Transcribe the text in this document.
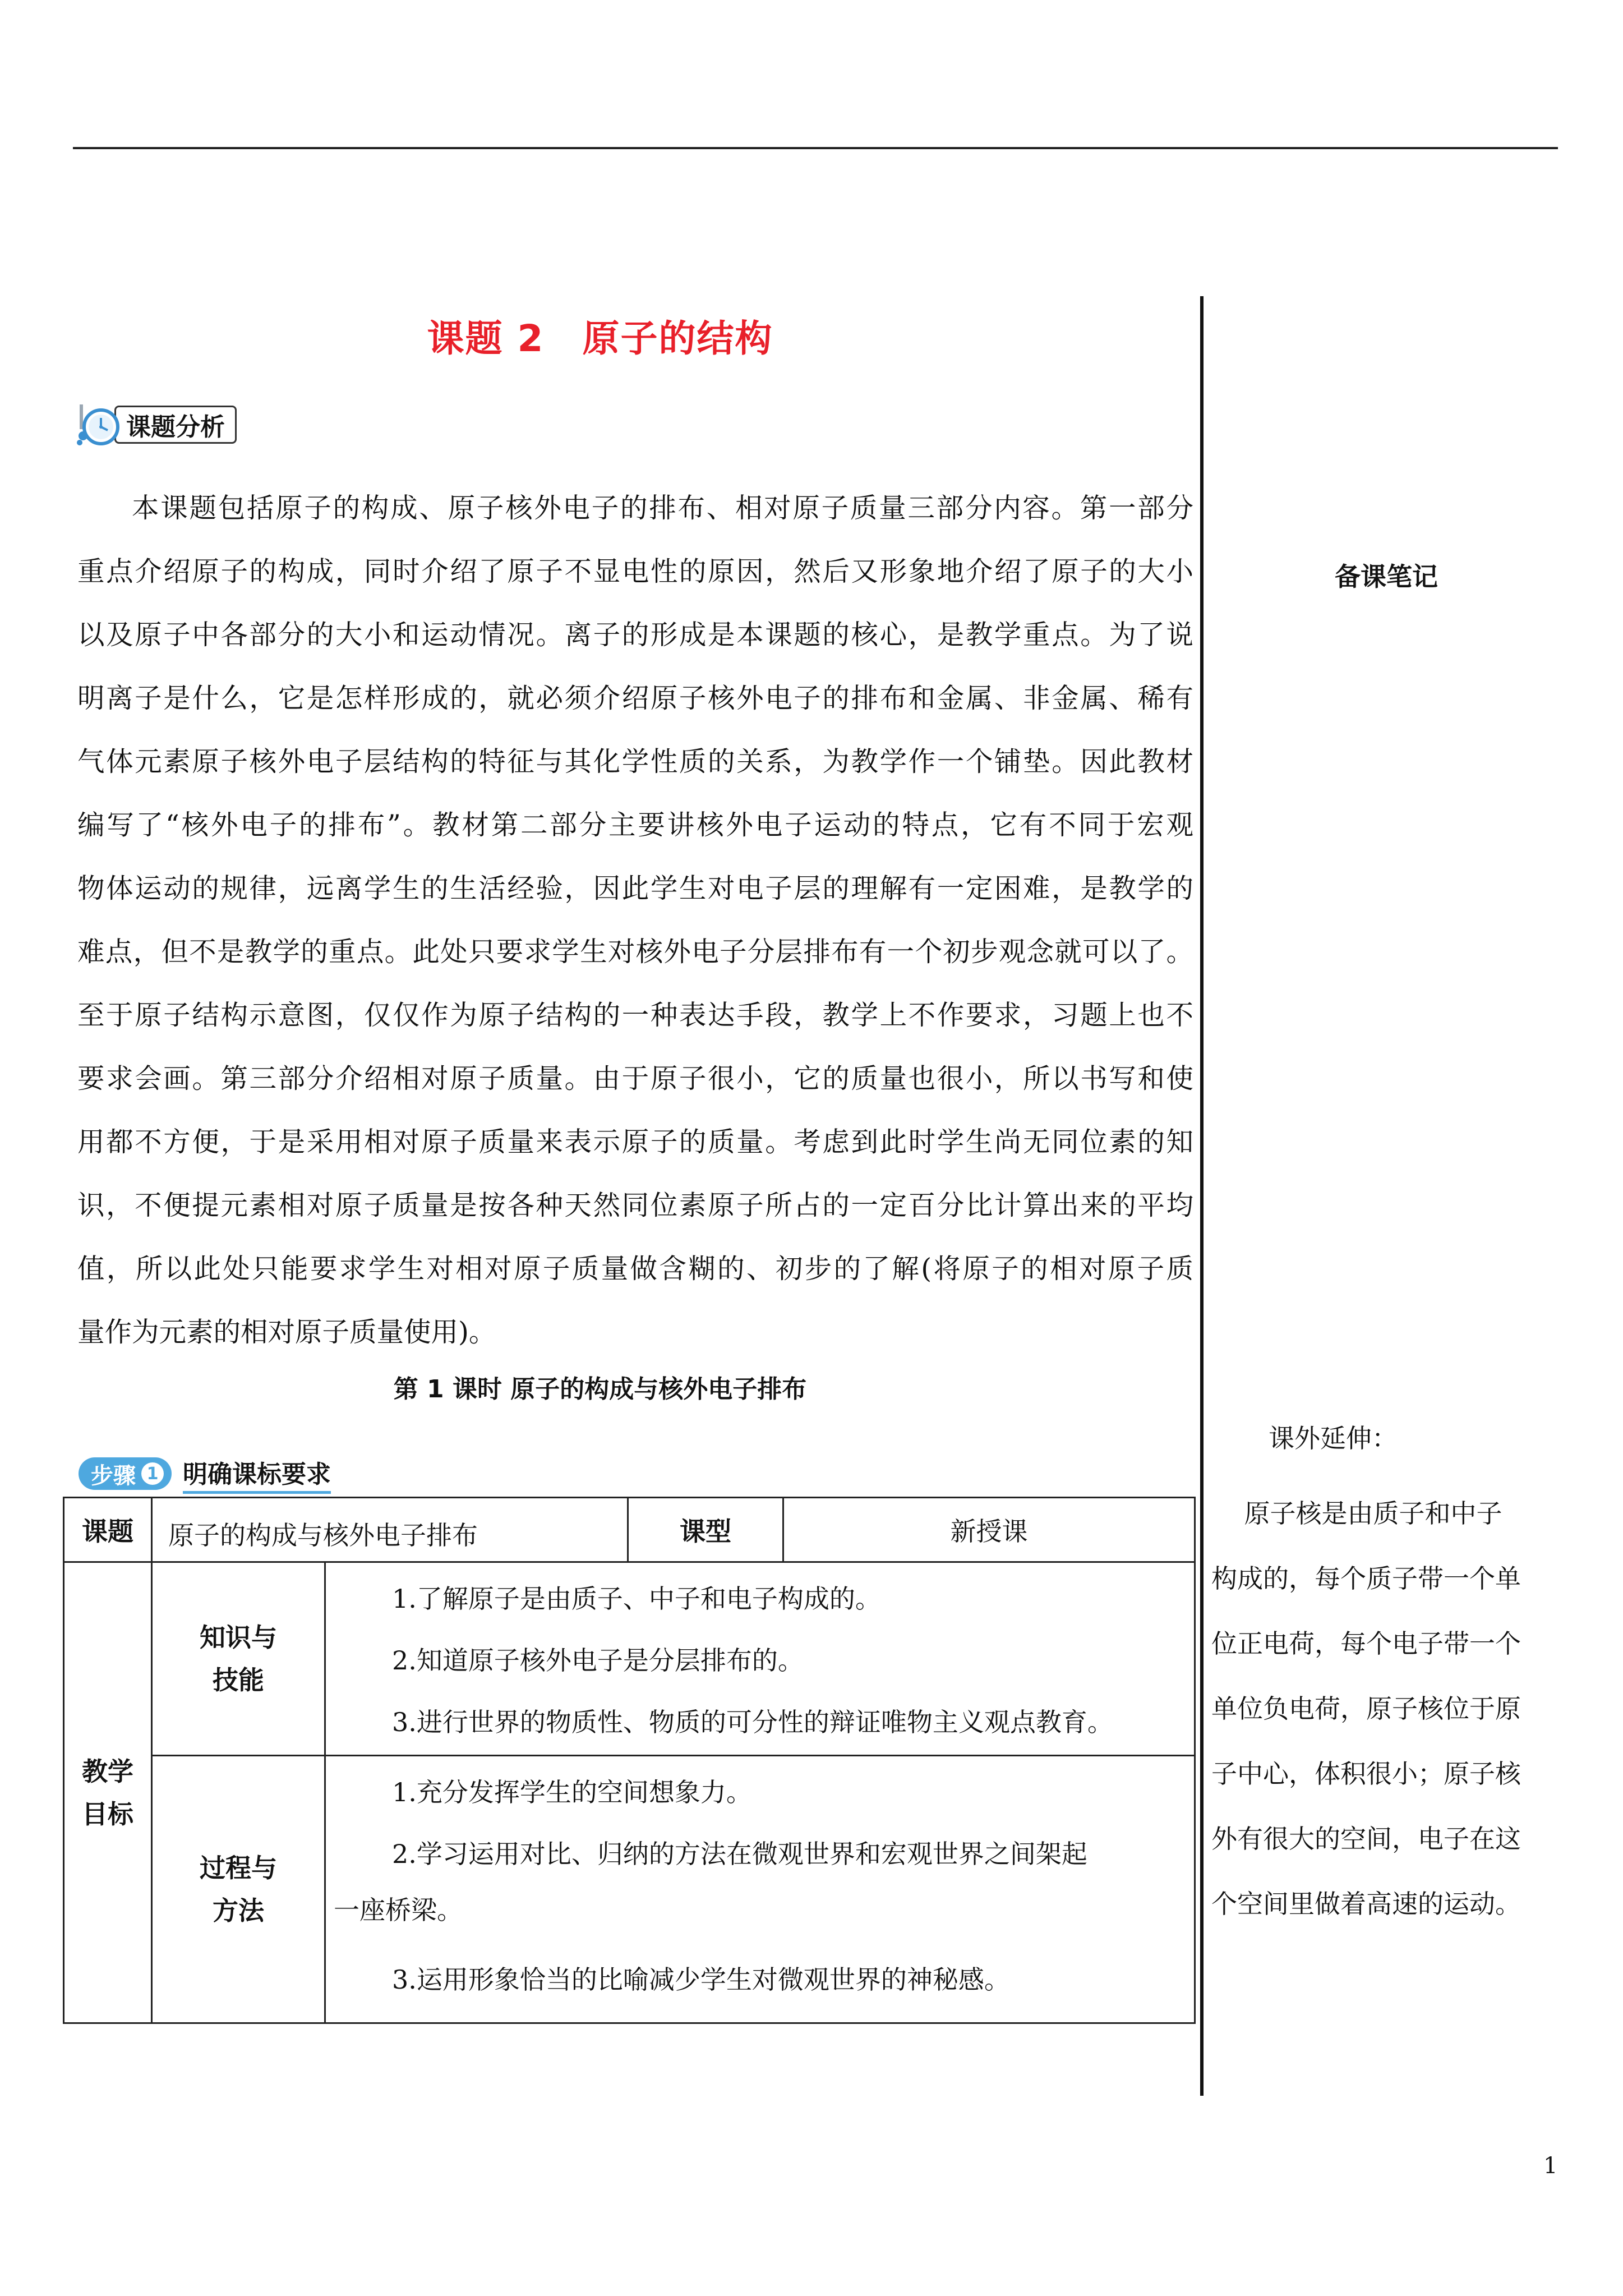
课题 2　原子的结构
课题分析

本课题包括原子的构成、原子核外电子的排布、相对原子质量三部分内容。第一部分
重点介绍原子的构成，同时介绍了原子不显电性的原因，然后又形象地介绍了原子的大小
以及原子中各部分的大小和运动情况。离子的形成是本课题的核心，是教学重点。为了说
明离子是什么，它是怎样形成的，就必须介绍原子核外电子的排布和金属、非金属、稀有
气体元素原子核外电子层结构的特征与其化学性质的关系，为教学作一个铺垫。因此教材
编写了“核外电子的排布”。教材第二部分主要讲核外电子运动的特点，它有不同于宏观
物体运动的规律，远离学生的生活经验，因此学生对电子层的理解有一定困难，是教学的
难点，但不是教学的重点。此处只要求学生对核外电子分层排布有一个初步观念就可以了。
至于原子结构示意图，仅仅作为原子结构的一种表达手段，教学上不作要求，习题上也不
要求会画。第三部分介绍相对原子质量。由于原子很小，它的质量也很小，所以书写和使
用都不方便，于是采用相对原子质量来表示原子的质量。考虑到此时学生尚无同位素的知
识，不便提元素相对原子质量是按各种天然同位素原子所占的一定百分比计算出来的平均
值，所以此处只能要求学生对相对原子质量做含糊的、初步的了解(将原子的相对原子质
量作为元素的相对原子质量使用)。

第 1 课时 原子的构成与核外电子排布
步骤 1 明确课标要求
课题 原子的构成与核外电子排布	课型	新授课
教学
目标
知识与
技能
1.了解原子是由质子、中子和电子构成的。
2.知道原子核外电子是分层排布的。
3.进行世界的物质性、物质的可分性的辩证唯物主义观点教育。
过程与
方法
1.充分发挥学生的空间想象力。
2.学习运用对比、归纳的方法在微观世界和宏观世界之间架起
一座桥梁。
3.运用形象恰当的比喻减少学生对微观世界的神秘感。
备课笔记
课外延伸：

原子核是由质子和中子
构成的，每个质子带一个单
位正电荷，每个电子带一个
单位负电荷，原子核位于原
子中心，体积很小；原子核
外有很大的空间，电子在这
个空间里做着高速的运动。

1
